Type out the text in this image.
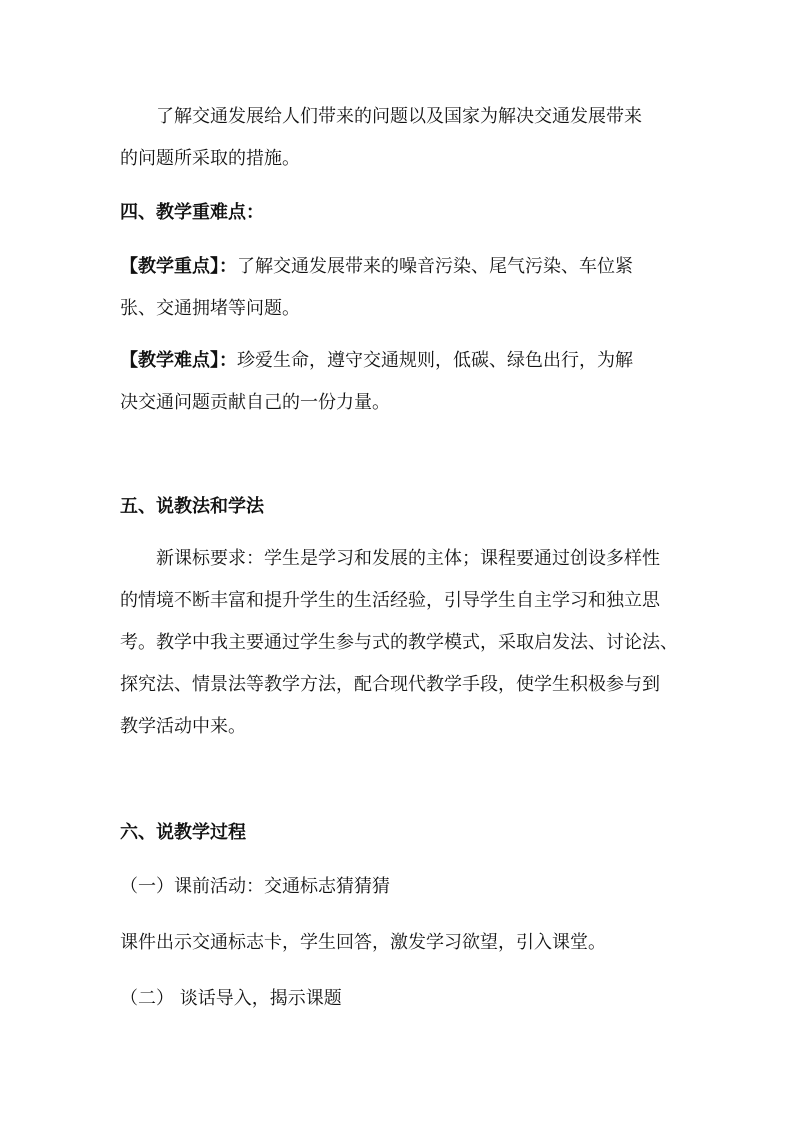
了解交通发展给人们带来的问题以及国家为解决交通发展带来

的问题所采取的措施。

四、教学重难点：

【教学重点】：了解交通发展带来的噪音污染、尾气污染、车位紧

张、交通拥堵等问题。

【教学难点】：珍爱生命，遵守交通规则，低碳、绿色出行，为解

决交通问题贡献自己的一份力量。

五、说教法和学法

新课标要求：学生是学习和发展的主体；课程要通过创设多样性

的情境不断丰富和提升学生的生活经验，引导学生自主学习和独立思

考。教学中我主要通过学生参与式的教学模式，采取启发法、讨论法、

探究法、情景法等教学方法，配合现代教学手段，使学生积极参与到

教学活动中来。

六、说教学过程

（一）课前活动：交通标志猜猜猜

课件出示交通标志卡，学生回答，激发学习欲望，引入课堂。

（二） 谈话导入，揭示课题
